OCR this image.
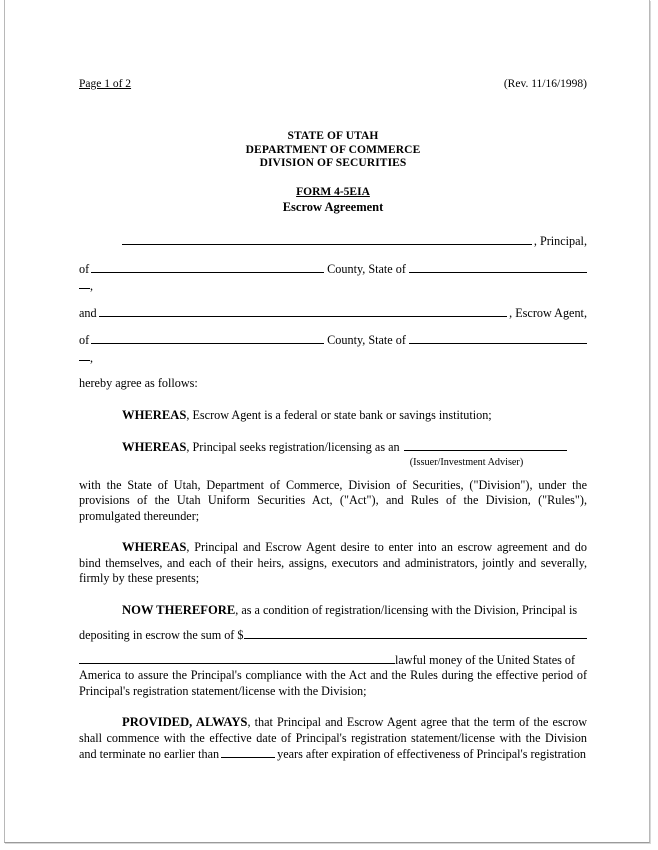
Page 1 of 2	(Rev. 11/16/1998)
STATE OF UTAH
DEPARTMENT OF COMMERCE
DIVISION OF SECURITIES
FORM 4-5EIA
Escrow Agreement
, Principal,
of	County, State of
,
and	, Escrow Agent,
of	County, State of
,

hereby agree as follows:

WHEREAS, Escrow Agent is a federal or state bank or savings institution;

WHEREAS , Principal seeks registration/licensing as an
(Issuer/Investment Adviser)

with the State of Utah, Department of Commerce, Division of Securities, ("Division"), under the provisions of the Utah Uniform Securities Act, ("Act"), and Rules of the Division, ("Rules"), promulgated thereunder;

WHEREAS, Principal and Escrow Agent desire to enter into an escrow agreement and do bind themselves, and each of their heirs, assigns, executors and administrators, jointly and severally, firmly by these presents;

NOW THEREFORE, as a condition of registration/licensing with the Division, Principal is

depositing in escrow the sum of $
lawful money of the United States of

America to assure the Principal's compliance with the Act and the Rules during the effective period of Principal's registration statement/license with the Division;

PROVIDED, ALWAYS, that Principal and Escrow Agent agree that the term of the escrow shall commence with the effective date of Principal's registration statement/license with the Division and terminate no earlier than	years after expiration of effectiveness of Principal's registration
